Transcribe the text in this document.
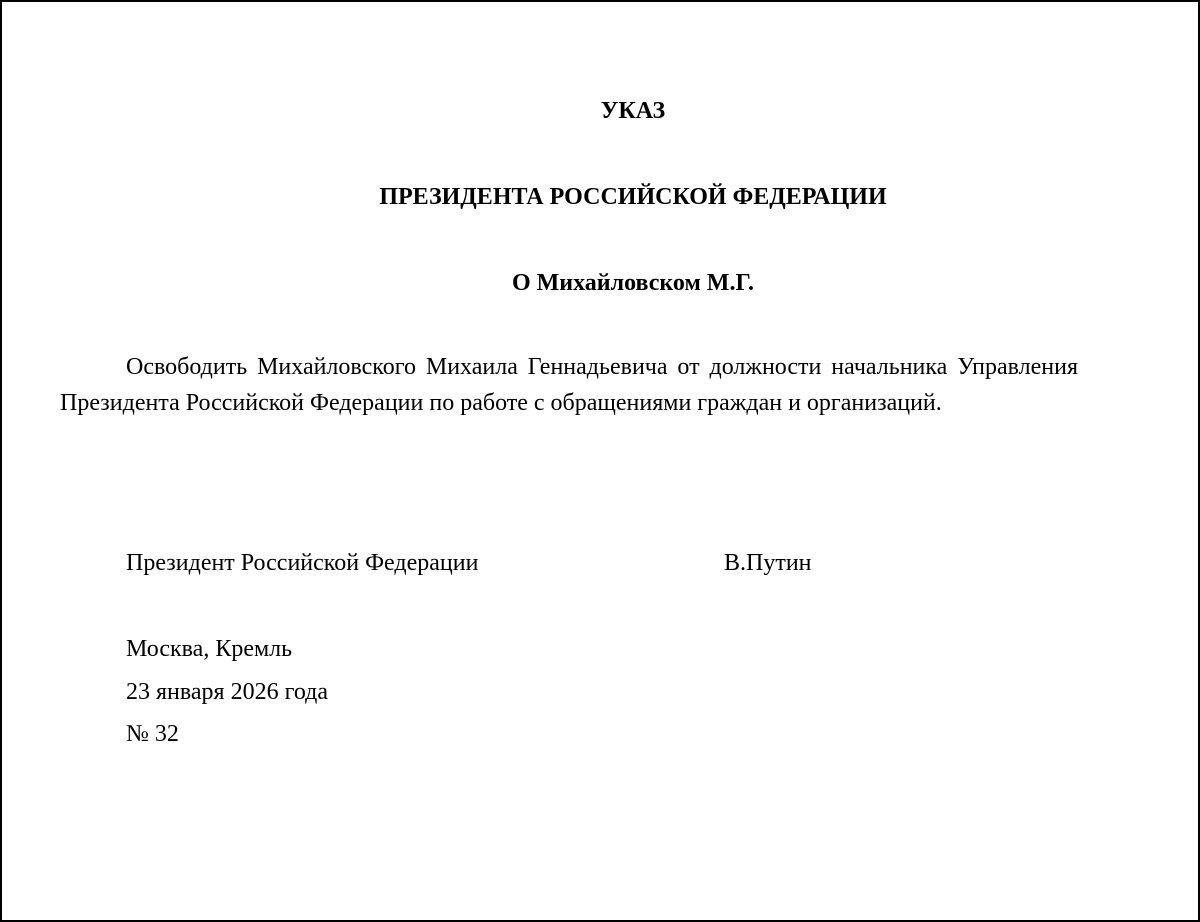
УКАЗ
ПРЕЗИДЕНТА РОССИЙСКОЙ ФЕДЕРАЦИИ
О Михайловском М.Г.

Освободить Михайловского Михаила Геннадьевича от должности начальника Управления Президента Российской Федерации по работе с обращениями граждан и организаций.

Президент Российской Федерации	В.Путин
Москва, Кремль
23 января 2026 года
№ 32
